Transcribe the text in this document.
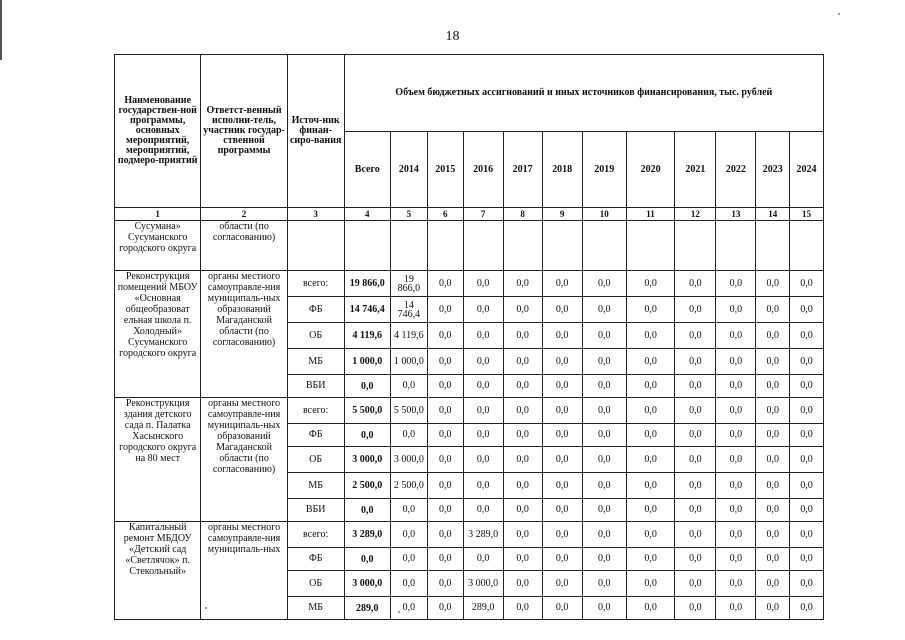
18
Наименование государствен-ной программы, основных мероприятий, мероприятий, подмеро-приятий	Ответст-венный исполни-тель, участник государ-ственной программы	Источ-ник финан-сиро-вания	Объем бюджетных ассигнований и иных источников финансирования, тыс. рублей											
			Всего	2014	2015	2016	2017	2018	2019	2020	2021	2022	2023	2024
1	2	3	4	5	6	7	8	9	10	11	12	13	14	15
Сусумана» Сусуманского городского округа	области (по согласованию)													
Реконструкция помещений МБОУ «Основная общеобразоват ельная школа п. Холодный» Сусуманского городского округа	органы местного самоуправле-ния муниципаль-ных образований Магаданской области (по согласованию)	всего:	19 866,0	19 866,0	0,0	0,0	0,0	0,0	0,0	0,0	0,0	0,0	0,0	0,0
		ФБ	14 746,4	14 746,4	0,0	0,0	0,0	0,0	0,0	0,0	0,0	0,0	0,0	0,0
		ОБ	4 119,6	4 119,6	0,0	0,0	0,0	0,0	0,0	0,0	0,0	0,0	0,0	0,0
		МБ	1 000,0	1 000,0	0,0	0,0	0,0	0,0	0,0	0,0	0,0	0,0	0,0	0,0
		ВБИ	0,0	0,0	0,0	0,0	0,0	0,0	0,0	0,0	0,0	0,0	0,0	0,0
Реконструкция здания детского сада п. Палатка Хасынского городского округа на 80 мест	органы местного самоуправле-ния муниципаль-ных образований Магаданской области (по согласованию)	всего:	5 500,0	5 500,0	0,0	0,0	0,0	0,0	0,0	0,0	0,0	0,0	0,0	0,0
		ФБ	0,0	0,0	0,0	0,0	0,0	0,0	0,0	0,0	0,0	0,0	0,0	0,0
		ОБ	3 000,0	3 000,0	0,0	0,0	0,0	0,0	0,0	0,0	0,0	0,0	0,0	0,0
		МБ	2 500,0	2 500,0	0,0	0,0	0,0	0,0	0,0	0,0	0,0	0,0	0,0	0,0
		ВБИ	0,0	0,0	0,0	0,0	0,0	0,0	0,0	0,0	0,0	0,0	0,0	0,0
Капитальный ремонт МБДОУ «Детский сад «Светлячок» п. Стекольный»	органы местного самоуправле-ния муниципаль-ных	всего:	3 289,0	0,0	0,0	3 289,0	0,0	0,0	0,0	0,0	0,0	0,0	0,0	0,0
		ФБ	0,0	0,0	0,0	0,0	0,0	0,0	0,0	0,0	0,0	0,0	0,0	0,0
		ОБ	3 000,0	0,0	0,0	3 000,0	0,0	0,0	0,0	0,0	0,0	0,0	0,0	0,0
		МБ	289,0	0,0	0,0	289,0	0,0	0,0	0,0	0,0	0,0	0,0	0,0	0,0
